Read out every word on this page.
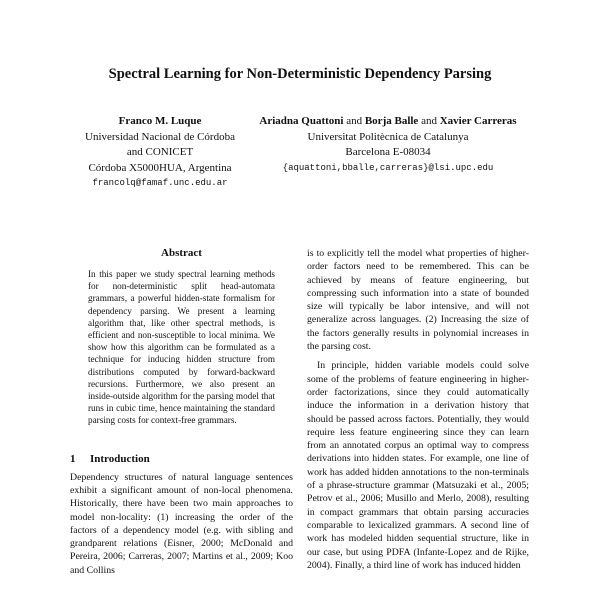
Spectral Learning for Non-Deterministic Dependency Parsing
Franco M. Luque
Universidad Nacional de Córdoba
and CONICET
Córdoba X5000HUA, Argentina
francolq@famaf.unc.edu.ar
Ariadna Quattoni and Borja Balle and Xavier Carreras
Universitat Politècnica de Catalunya
Barcelona E-08034
{aquattoni,bballe,carreras}@lsi.upc.edu
Abstract

In this paper we study spectral learning methods for non-deterministic split head-automata grammars, a powerful hidden-state formalism for dependency parsing. We present a learning algorithm that, like other spectral methods, is efficient and non-susceptible to local minima. We show how this algorithm can be formulated as a technique for inducing hidden structure from distributions computed by forward-backward recursions. Furthermore, we also present an inside-outside algorithm for the parsing model that runs in cubic time, hence maintaining the standard parsing costs for context-free grammars.

1 Introduction

Dependency structures of natural language sentences exhibit a significant amount of non-local phenomena. Historically, there have been two main approaches to model non-locality: (1) increasing the order of the factors of a dependency model (e.g. with sibling and grandparent relations (Eisner, 2000; McDonald and Pereira, 2006; Carreras, 2007; Martins et al., 2009; Koo and Collins

is to explicitly tell the model what properties of higher-order factors need to be remembered. This can be achieved by means of feature engineering, but compressing such information into a state of bounded size will typically be labor intensive, and will not generalize across languages. (2) Increasing the size of the factors generally results in polynomial increases in the parsing cost.

In principle, hidden variable models could solve some of the problems of feature engineering in higher-order factorizations, since they could automatically induce the information in a derivation history that should be passed across factors. Potentially, they would require less feature engineering since they can learn from an annotated corpus an optimal way to compress derivations into hidden states. For example, one line of work has added hidden annotations to the non-terminals of a phrase-structure grammar (Matsuzaki et al., 2005; Petrov et al., 2006; Musillo and Merlo, 2008), resulting in compact grammars that obtain parsing accuracies comparable to lexicalized grammars. A second line of work has modeled hidden sequential structure, like in our case, but using PDFA (Infante-Lopez and de Rijke, 2004). Finally, a third line of work has induced hidden
